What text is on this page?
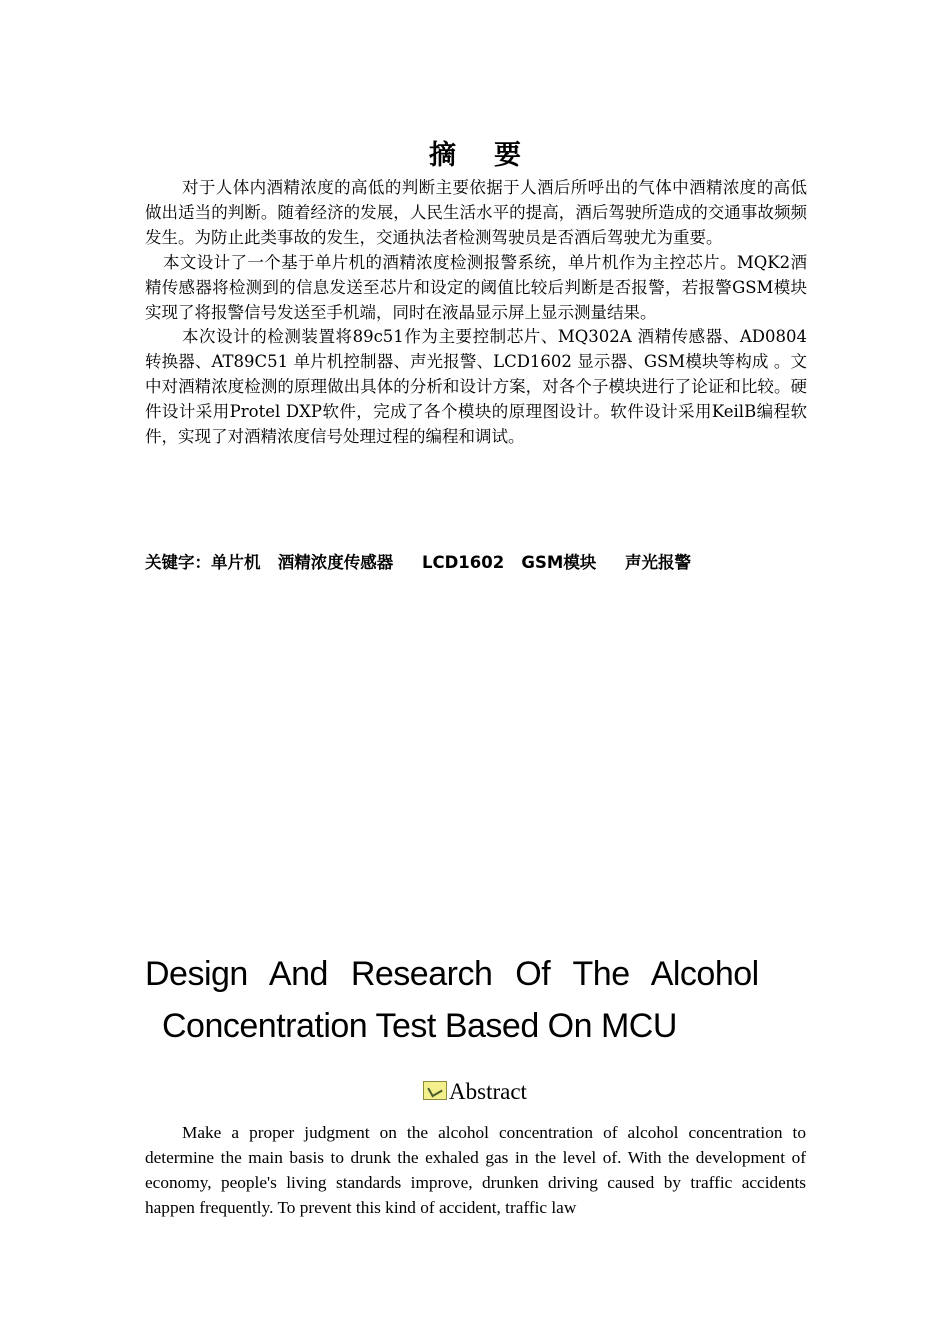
摘要

对于人体内酒精浓度的高低的判断主要依据于人酒后所呼出的气体中酒精浓度的高低做出适当的判断。随着经济的发展，人民生活水平的提高，酒后驾驶所造成的交通事故频频发生。为防止此类事故的发生，交通执法者检测驾驶员是否酒后驾驶尤为重要。

本文设计了一个基于单片机的酒精浓度检测报警系统，单片机作为主控芯片。MQK2酒精传感器将检测到的信息发送至芯片和设定的阈值比较后判断是否报警，若报警GSM模块实现了将报警信号发送至手机端，同时在液晶显示屏上显示测量结果。

本次设计的检测装置将89c51作为主要控制芯片、MQ302A 酒精传感器、AD0804 转换器、AT89C51 单片机控制器、声光报警、LCD1602 显示器、GSM模块等构成 。文中对酒精浓度检测的原理做出具体的分析和设计方案，对各个子模块进行了论证和比较。硬件设计采用Protel DXP软件，完成了各个模块的原理图设计。软件设计采用KeilB编程软件，实现了对酒精浓度信号处理过程的编程和调试。

关键字：单片机   酒精浓度传感器     LCD1602   GSM模块     声光报警
Design And Research Of The Alcohol
Concentration Test Based On MCU
Abstract

Make a proper judgment on the alcohol concentration of alcohol concentration to determine the main basis to drunk the exhaled gas in the level of. With the development of economy, people's living standards improve, drunken driving caused by traffic accidents happen frequently. To prevent this kind of accident, traffic law
